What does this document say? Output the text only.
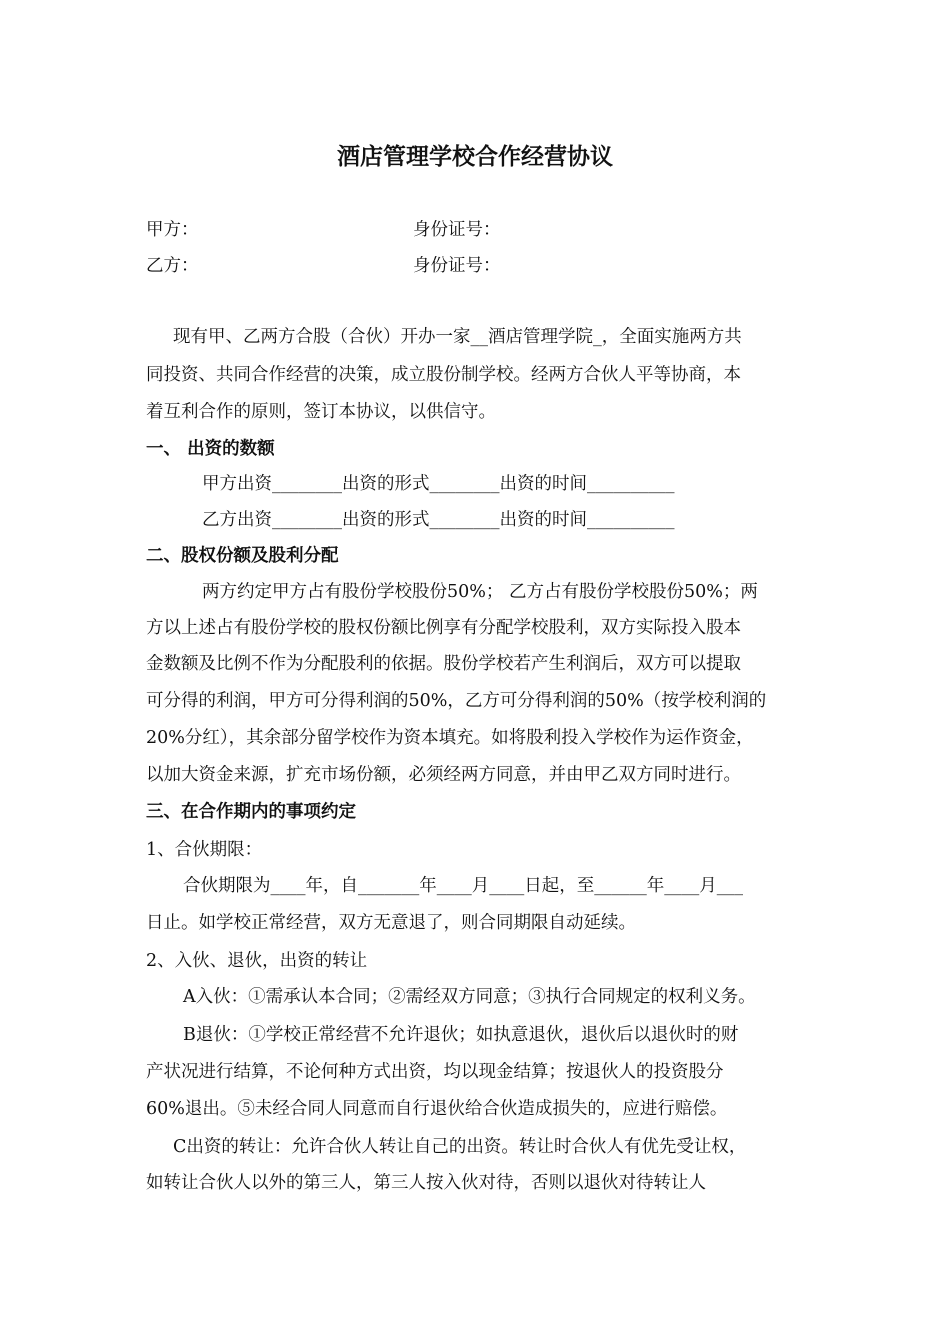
酒店管理学校合作经营协议
甲方：	身份证号：
乙方：	身份证号：
现有甲、乙两方合股（合伙）开办一家__酒店管理学院_，全面实施两方共
同投资、共同合作经营的决策，成立股份制学校。经两方合伙人平等协商，本
着互利合作的原则，签订本协议，以供信守。
一、 出资的数额
甲方出资________出资的形式________出资的时间__________
乙方出资________出资的形式________出资的时间__________
二、股权份额及股利分配
两方约定甲方占有股份学校股份50%； 乙方占有股份学校股份50%；两
方以上述占有股份学校的股权份额比例享有分配学校股利，双方实际投入股本
金数额及比例不作为分配股利的依据。股份学校若产生利润后，双方可以提取
可分得的利润，甲方可分得利润的50%，乙方可分得利润的50%（按学校利润的
20%分红），其余部分留学校作为资本填充。如将股利投入学校作为运作资金，
以加大资金来源，扩充市场份额，必须经两方同意，并由甲乙双方同时进行。
三、在合作期内的事项约定
1、合伙期限：
合伙期限为____年，自_______年____月____日起，至______年____月___
日止。如学校正常经营，双方无意退了，则合同期限自动延续。
2、入伙、退伙，出资的转让
A入伙：①需承认本合同；②需经双方同意；③执行合同规定的权利义务。
B退伙：①学校正常经营不允许退伙；如执意退伙，退伙后以退伙时的财
产状况进行结算，不论何种方式出资，均以现金结算；按退伙人的投资股分
60%退出。⑤未经合同人同意而自行退伙给合伙造成损失的，应进行赔偿。
C出资的转让：允许合伙人转让自己的出资。转让时合伙人有优先受让权，
如转让合伙人以外的第三人，第三人按入伙对待，否则以退伙对待转让人
